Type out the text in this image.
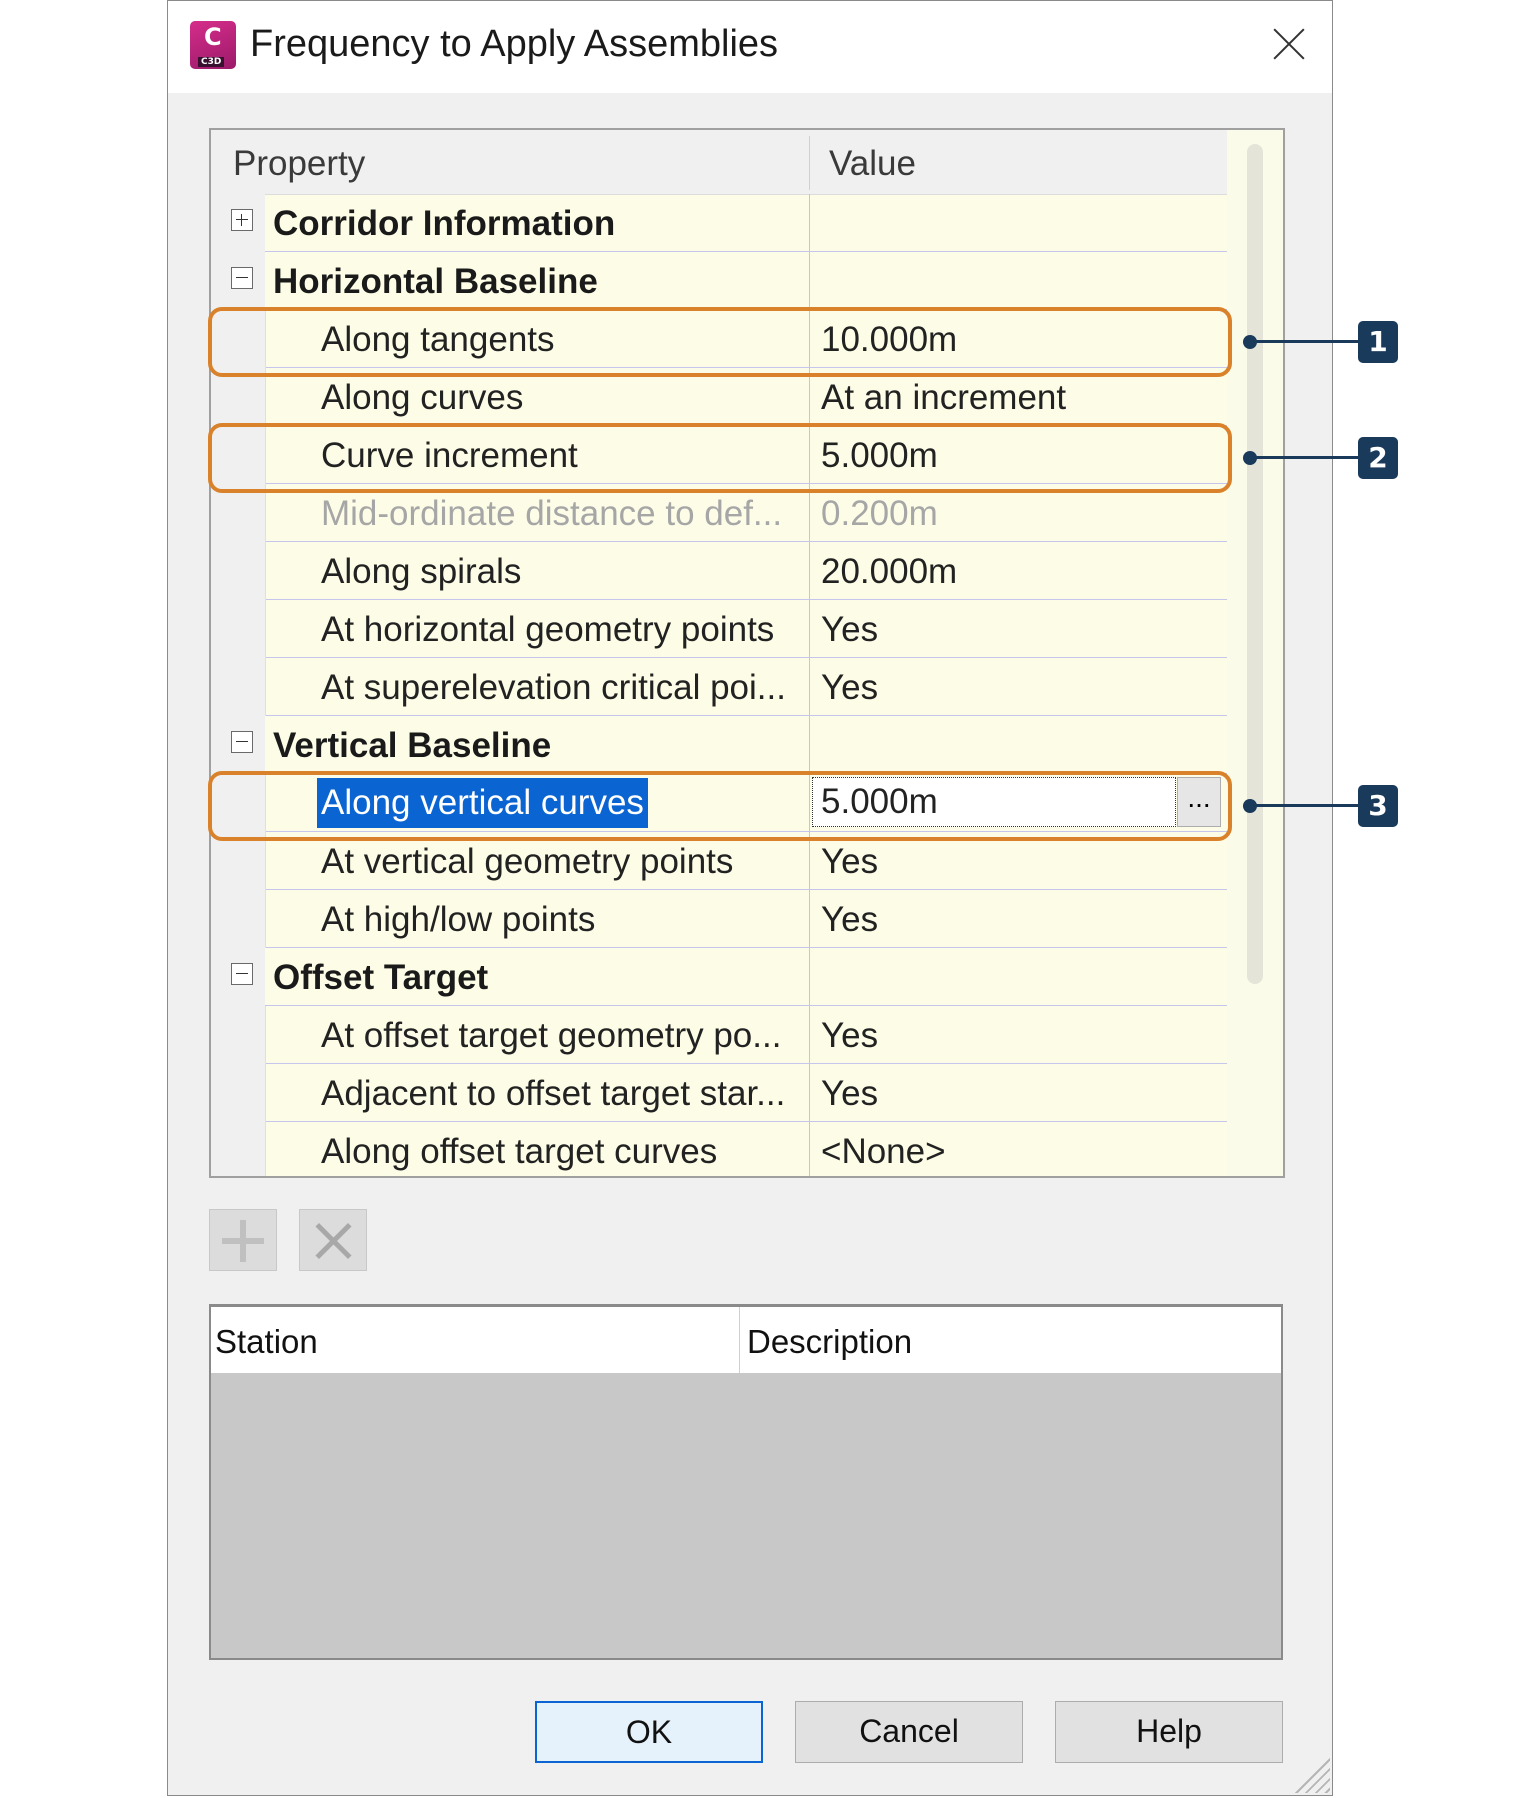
C
C3D Frequency to Apply Assemblies
Property	Value
Corridor Information
Horizontal Baseline
Along tangents	10.000m
Along curves	At an increment
Curve increment	5.000m
Mid-ordinate distance to def... 0.200m
Along spirals	20.000m
At horizontal geometry points Yes
At superelevation critical poi... Yes
Vertical Baseline
Along vertical curves	5.000m	...
At vertical geometry points	Yes
At high/low points	Yes
Offset Target
At offset target geometry po... Yes
Adjacent to offset target star... Yes
Along offset target curves	<None>
Station	Description
OK	Cancel	Help
1
2
3
